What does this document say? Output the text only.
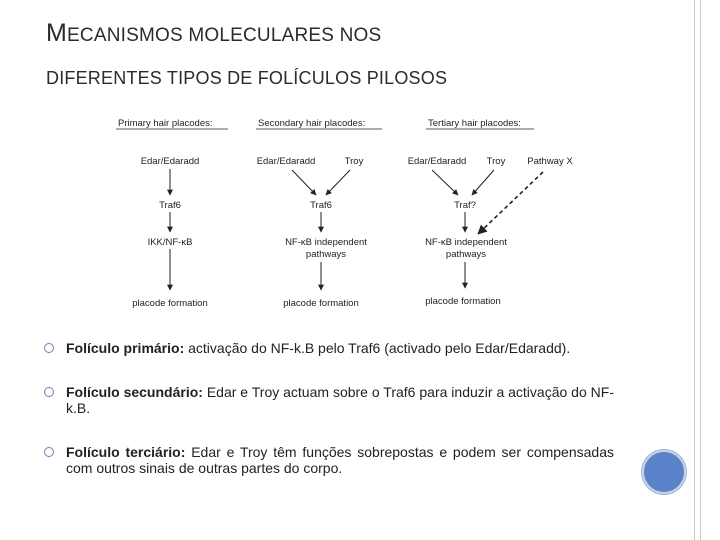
MECANISMOS MOLECULARES NOS
DIFERENTES TIPOS DE FOLÍCULOS PILOSOS
Primary hair placodes:
Edar/Edaradd
Traf6
IKK/NF-κB
placode formation
Secondary hair placodes:
Edar/Edaradd	Troy
Traf6
NF-κB independent
pathways
placode formation
Tertiary hair placodes:
Edar/Edaradd Troy Pathway X
Traf?
NF-κB independent
pathways
placode formation
Folículo primário: activação do NF-k.B pelo Traf6 (activado pelo Edar/Edaradd).
Folículo secundário: Edar e Troy actuam sobre o Traf6 para induzir a activação do NF-k.B.
Folículo terciário: Edar e Troy têm funções sobrepostas e podem ser compensadas com outros sinais de outras partes do corpo.
